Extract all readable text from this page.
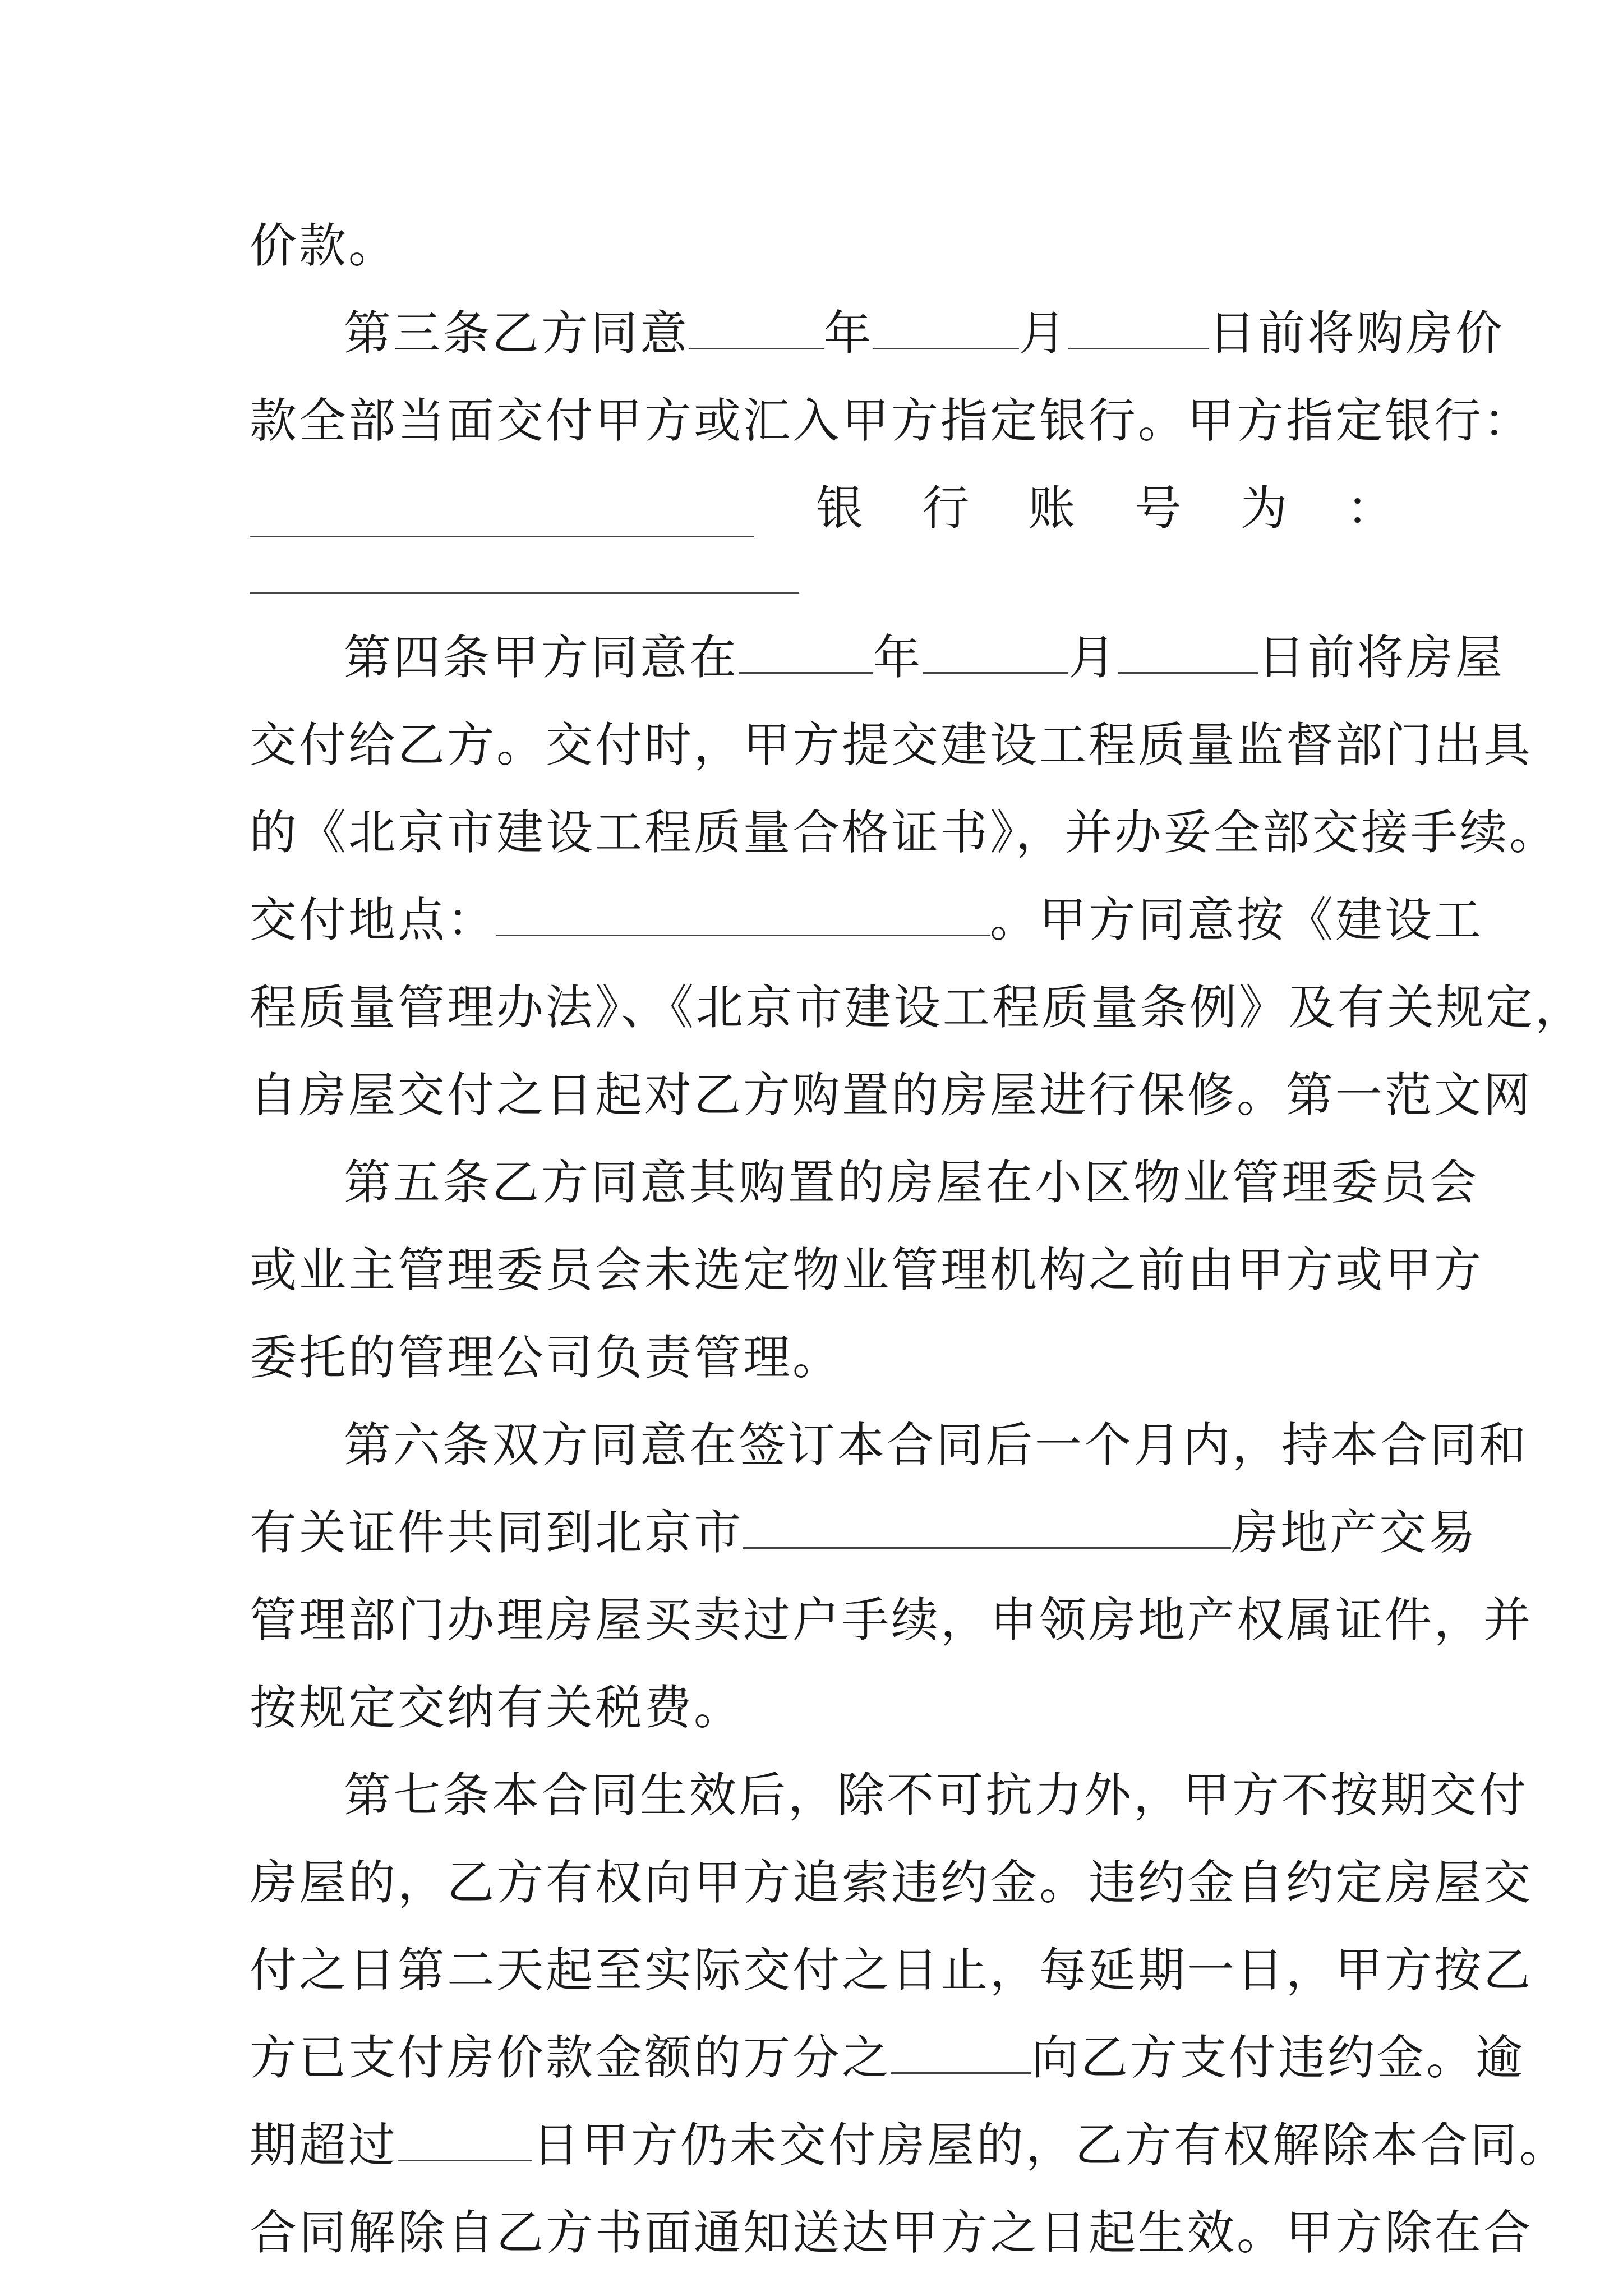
价款。
第三条乙方同意	年	月	日前将购房价
款全部当面交付甲方或汇入甲方指定银行。甲方指定银行：
银 行 账 号 为 ：
第四条甲方同意在	年	月	日前将房屋
交付给乙方。交付时，甲方提交建设工程质量监督部门出具
的《北京市建设工程质量合格证书》，并办妥全部交接手续。
交付地点：	。甲方同意按《建设工
程质量管理办法》、《北京市建设工程质量条例》及有关规定，
自房屋交付之日起对乙方购置的房屋进行保修。第一范文网
第五条乙方同意其购置的房屋在小区物业管理委员会
或业主管理委员会未选定物业管理机构之前由甲方或甲方
委托的管理公司负责管理。
第六条双方同意在签订本合同后一个月内，持本合同和
有关证件共同到北京市	房地产交易
管理部门办理房屋买卖过户手续，申领房地产权属证件，并
按规定交纳有关税费。
第七条本合同生效后，除不可抗力外，甲方不按期交付
房屋的，乙方有权向甲方追索违约金。违约金自约定房屋交
付之日第二天起至实际交付之日止，每延期一日，甲方按乙
方已支付房价款金额的万分之	向乙方支付违约金。逾
期超过	日甲方仍未交付房屋的，乙方有权解除本合同。
合同解除自乙方书面通知送达甲方之日起生效。甲方除在合
